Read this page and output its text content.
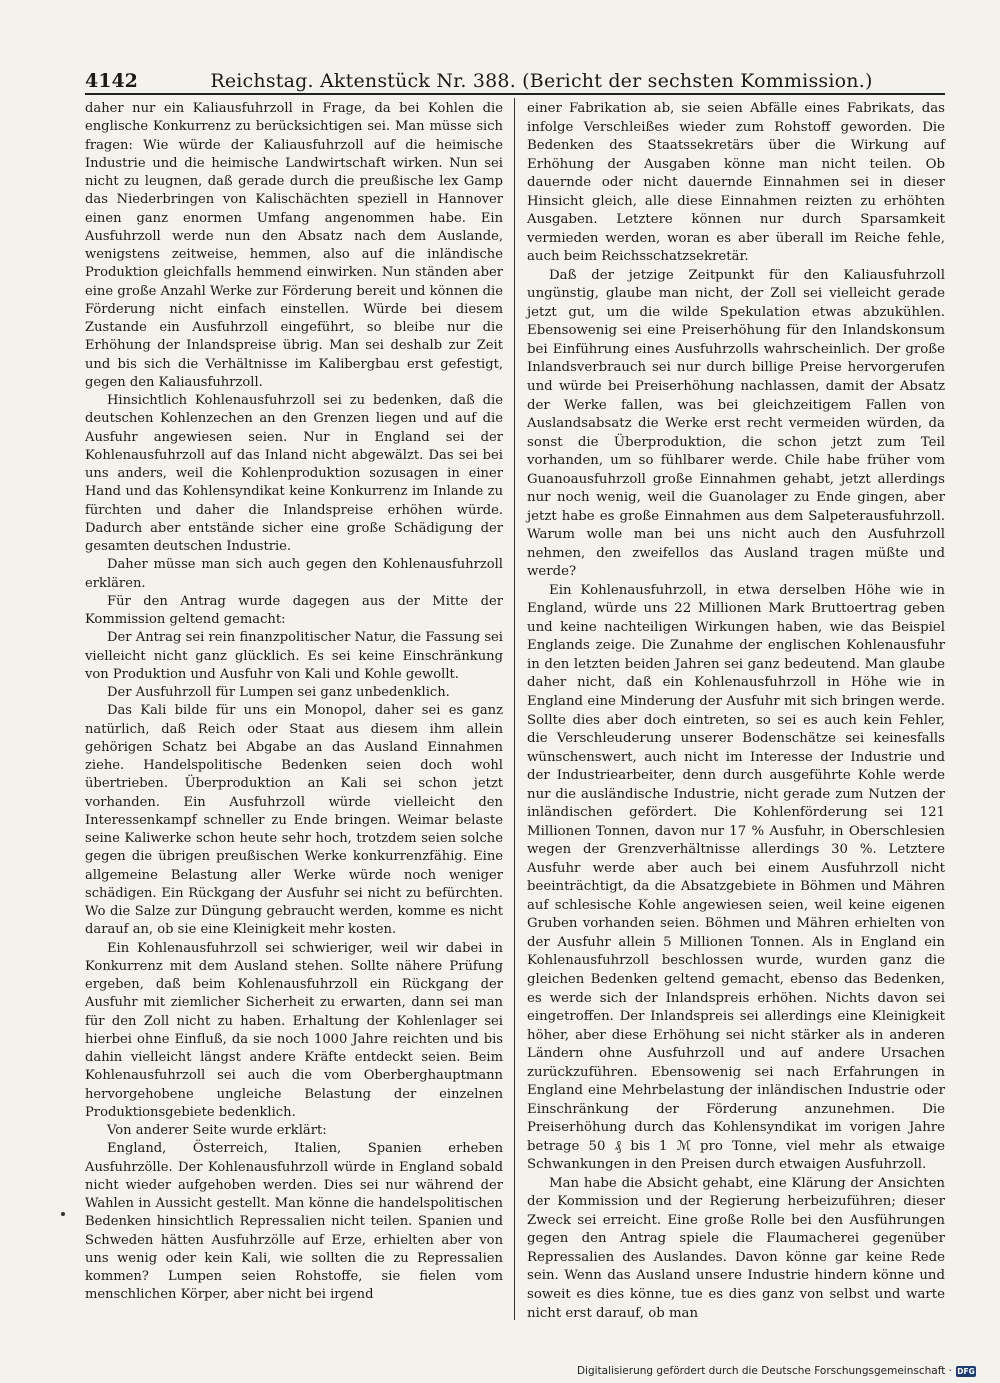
4142	Reichstag. Aktenstück Nr. 388. (Bericht der sechsten Kommission.)

daher nur ein Kaliausfuhrzoll in Frage, da bei Kohlen die englische Konkurrenz zu berücksichtigen sei. Man müsse sich fragen: Wie würde der Kaliausfuhrzoll auf die heimische Industrie und die heimische Landwirtschaft wirken. Nun sei nicht zu leugnen, daß gerade durch die preußische lex Gamp das Niederbringen von Kalischächten speziell in Hannover einen ganz enormen Umfang angenommen habe. Ein Ausfuhrzoll werde nun den Absatz nach dem Auslande, wenigstens zeitweise, hemmen, also auf die inländische Produktion gleichfalls hemmend einwirken. Nun ständen aber eine große Anzahl Werke zur Förderung bereit und können die Förderung nicht einfach einstellen. Würde bei diesem Zustande ein Ausfuhrzoll eingeführt, so bleibe nur die Erhöhung der Inlandspreise übrig. Man sei deshalb zur Zeit und bis sich die Verhältnisse im Kalibergbau erst gefestigt, gegen den Kaliausfuhrzoll.

Hinsichtlich Kohlenausfuhrzoll sei zu bedenken, daß die deutschen Kohlenzechen an den Grenzen liegen und auf die Ausfuhr angewiesen seien. Nur in England sei der Kohlenausfuhrzoll auf das Inland nicht abgewälzt. Das sei bei uns anders, weil die Kohlenproduktion sozusagen in einer Hand und das Kohlensyndikat keine Konkurrenz im Inlande zu fürchten und daher die Inlandspreise erhöhen würde. Dadurch aber entstände sicher eine große Schädigung der gesamten deutschen Industrie.

Daher müsse man sich auch gegen den Kohlenausfuhrzoll erklären.

Für den Antrag wurde dagegen aus der Mitte der Kommission geltend gemacht:

Der Antrag sei rein finanzpolitischer Natur, die Fassung sei vielleicht nicht ganz glücklich. Es sei keine Einschränkung von Produktion und Ausfuhr von Kali und Kohle gewollt.

Der Ausfuhrzoll für Lumpen sei ganz unbedenklich.

Das Kali bilde für uns ein Monopol, daher sei es ganz natürlich, daß Reich oder Staat aus diesem ihm allein gehörigen Schatz bei Abgabe an das Ausland Einnahmen ziehe. Handelspolitische Bedenken seien doch wohl übertrieben. Überproduktion an Kali sei schon jetzt vorhanden. Ein Ausfuhrzoll würde vielleicht den Interessenkampf schneller zu Ende bringen. Weimar belaste seine Kaliwerke schon heute sehr hoch, trotzdem seien solche gegen die übrigen preußischen Werke konkurrenzfähig. Eine allgemeine Belastung aller Werke würde noch weniger schädigen. Ein Rückgang der Ausfuhr sei nicht zu befürchten. Wo die Salze zur Düngung gebraucht werden, komme es nicht darauf an, ob sie eine Kleinigkeit mehr kosten.

Ein Kohlenausfuhrzoll sei schwieriger, weil wir dabei in Konkurrenz mit dem Ausland stehen. Sollte nähere Prüfung ergeben, daß beim Kohlenausfuhrzoll ein Rückgang der Ausfuhr mit ziemlicher Sicherheit zu erwarten, dann sei man für den Zoll nicht zu haben. Erhaltung der Kohlenlager sei hierbei ohne Einfluß, da sie noch 1000 Jahre reichten und bis dahin vielleicht längst andere Kräfte entdeckt seien. Beim Kohlenausfuhrzoll sei auch die vom Oberberghauptmann hervorgehobene ungleiche Belastung der einzelnen Produktionsgebiete bedenklich.

Von anderer Seite wurde erklärt:

England, Österreich, Italien, Spanien erheben Ausfuhrzölle. Der Kohlenausfuhrzoll würde in England sobald nicht wieder aufgehoben werden. Dies sei nur während der Wahlen in Aussicht gestellt. Man könne die handelspolitischen Bedenken hinsichtlich Repressalien nicht teilen. Spanien und Schweden hätten Ausfuhrzölle auf Erze, erhielten aber von uns wenig oder kein Kali, wie sollten die zu Repressalien kommen? Lumpen seien Rohstoffe, sie fielen vom menschlichen Körper, aber nicht bei irgend

einer Fabrikation ab, sie seien Abfälle eines Fabrikats, das infolge Verschleißes wieder zum Rohstoff geworden. Die Bedenken des Staatssekretärs über die Wirkung auf Erhöhung der Ausgaben könne man nicht teilen. Ob dauernde oder nicht dauernde Einnahmen sei in dieser Hinsicht gleich, alle diese Einnahmen reizten zu erhöhten Ausgaben. Letztere können nur durch Sparsamkeit vermieden werden, woran es aber überall im Reiche fehle, auch beim Reichsschatzsekretär.

Daß der jetzige Zeitpunkt für den Kaliausfuhrzoll ungünstig, glaube man nicht, der Zoll sei vielleicht gerade jetzt gut, um die wilde Spekulation etwas abzukühlen. Ebensowenig sei eine Preiserhöhung für den Inlandskonsum bei Einführung eines Ausfuhrzolls wahrscheinlich. Der große Inlandsverbrauch sei nur durch billige Preise hervorgerufen und würde bei Preiserhöhung nachlassen, damit der Absatz der Werke fallen, was bei gleichzeitigem Fallen von Auslandsabsatz die Werke erst recht vermeiden würden, da sonst die Überproduktion, die schon jetzt zum Teil vorhanden, um so fühlbarer werde. Chile habe früher vom Guanoausfuhrzoll große Einnahmen gehabt, jetzt allerdings nur noch wenig, weil die Guanolager zu Ende gingen, aber jetzt habe es große Einnahmen aus dem Salpeterausfuhrzoll. Warum wolle man bei uns nicht auch den Ausfuhrzoll nehmen, den zweifellos das Ausland tragen müßte und werde?

Ein Kohlenausfuhrzoll, in etwa derselben Höhe wie in England, würde uns 22 Millionen Mark Bruttoertrag geben und keine nachteiligen Wirkungen haben, wie das Beispiel Englands zeige. Die Zunahme der englischen Kohlenausfuhr in den letzten beiden Jahren sei ganz bedeutend. Man glaube daher nicht, daß ein Kohlenausfuhrzoll in Höhe wie in England eine Minderung der Ausfuhr mit sich bringen werde. Sollte dies aber doch eintreten, so sei es auch kein Fehler, die Verschleuderung unserer Bodenschätze sei keinesfalls wünschenswert, auch nicht im Interesse der Industrie und der Industriearbeiter, denn durch ausgeführte Kohle werde nur die ausländische Industrie, nicht gerade zum Nutzen der inländischen gefördert. Die Kohlenförderung sei 121 Millionen Tonnen, davon nur 17 % Ausfuhr, in Oberschlesien wegen der Grenzverhältnisse allerdings 30 %. Letztere Ausfuhr werde aber auch bei einem Ausfuhrzoll nicht beeinträchtigt, da die Absatzgebiete in Böhmen und Mähren auf schlesische Kohle angewiesen seien, weil keine eigenen Gruben vorhanden seien. Böhmen und Mähren erhielten von der Ausfuhr allein 5 Millionen Tonnen. Als in England ein Kohlenausfuhrzoll beschlossen wurde, wurden ganz die gleichen Bedenken geltend gemacht, ebenso das Bedenken, es werde sich der Inlandspreis erhöhen. Nichts davon sei eingetroffen. Der Inlandspreis sei allerdings eine Kleinigkeit höher, aber diese Erhöhung sei nicht stärker als in anderen Ländern ohne Ausfuhrzoll und auf andere Ursachen zurückzuführen. Ebensowenig sei nach Erfahrungen in England eine Mehrbelastung der inländischen Industrie oder Einschränkung der Förderung anzunehmen. Die Preiserhöhung durch das Kohlensyndikat im vorigen Jahre betrage 50 ₰ bis 1 ℳ pro Tonne, viel mehr als etwaige Schwankungen in den Preisen durch etwaigen Ausfuhrzoll.

Man habe die Absicht gehabt, eine Klärung der Ansichten der Kommission und der Regierung herbeizuführen; dieser Zweck sei erreicht. Eine große Rolle bei den Ausführungen gegen den Antrag spiele die Flaumacherei gegenüber Repressalien des Auslandes. Davon könne gar keine Rede sein. Wenn das Ausland unsere Industrie hindern könne und soweit es dies könne, tue es dies ganz von selbst und warte nicht erst darauf, ob man

Digitalisierung gefördert durch die Deutsche Forschungsgemeinschaft · DFG
